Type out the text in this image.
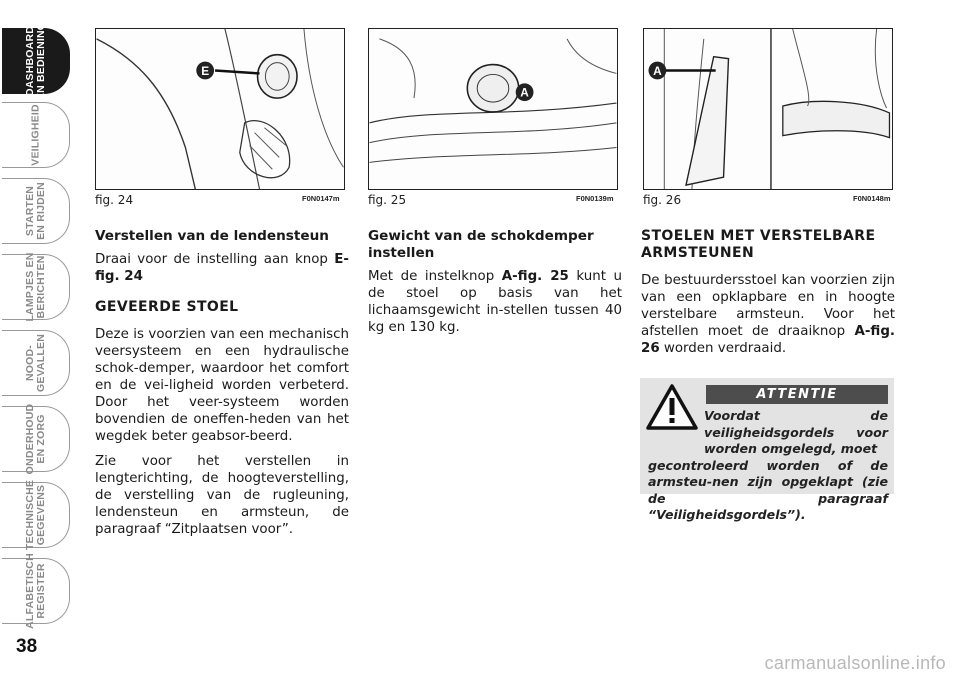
DASHBOARD
EN BEDIENING
VEILIGHEID
STARTEN
EN RIJDEN
LAMPJES EN
BERICHTEN
NOOD-
GEVALLEN
ONDERHOUD
EN ZORG
TECHNISCHE
GEGEVENS
ALFABETISCH
REGISTER
38
E
fig. 24	F0N0147m
A
fig. 25	F0N0139m
A
fig. 26	F0N0148m
Verstellen van de lendensteun

Draai voor de instelling aan knop E-fig. 24

GEVEERDE STOEL

Deze is voorzien van een mechanisch veersysteem en een hydraulische schok-demper, waardoor het comfort en de vei-ligheid worden verbeterd. Door het veer-systeem worden bovendien de oneffen-heden van het wegdek beter geabsor-beerd.

Zie voor het verstellen in lengterichting, de hoogteverstelling, de verstelling van de rugleuning, lendensteun en armsteun, de paragraaf “Zitplaatsen voor”.

Gewicht van de schokdemper instellen

Met de instelknop A-fig. 25 kunt u de stoel op basis van het lichaamsgewicht in-stellen tussen 40 kg en 130 kg.

STOELEN MET VERSTELBARE ARMSTEUNEN

De bestuurdersstoel kan voorzien zijn van een opklapbare en in hoogte verstelbare armsteun. Voor het afstellen moet de draaiknop A-fig. 26 worden verdraaid.

ATTENTIE
Voordat de veiligheidsgordels voor worden omgelegd, moet
gecontroleerd worden of de armsteu-nen zijn opgeklapt (zie de paragraaf “Veiligheidsgordels”).
carmanualsonline.info
